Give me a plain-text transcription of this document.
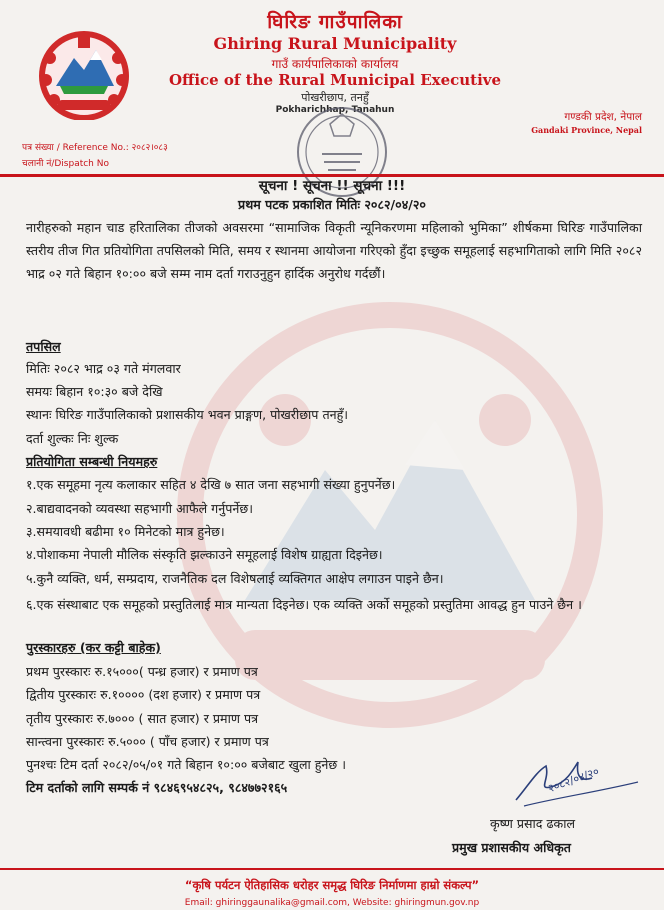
घिरिङ गाउँपालिका
Ghiring Rural Municipality
गाउँ कार्यपालिकाको कार्यालय
Office of the Rural Municipal Executive
पोखरीछाप, तनहुँ
Pokharichhap, Tanahun
गण्डकी प्रदेश, नेपाल
Gandaki Province, Nepal
पत्र संख्या / Reference No.: २०८२।०८३
चलानी नं/Dispatch No
सूचना ! सूचना !! सूचना !!!
प्रथम पटक प्रकाशित मितिः २०८२/०४/२०
नारीहरुको महान चाड हरितालिका तीजको अवसरमा “सामाजिक विकृती न्यूनिकरणमा महिलाको भुमिका” शीर्षकमा घिरिङ गाउँपालिका स्तरीय तीज गित प्रतियोगिता तपसिलको मिति, समय र स्थानमा आयोजना गरिएको हुँदा इच्छुक समूहलाई सहभागिताको लागि मिति २०८२ भाद्र ०२ गते बिहान १०:०० बजे सम्म नाम दर्ता गराउनुहुन हार्दिक अनुरोध गर्दछौं।
तपसिल
मितिः २०८२ भाद्र ०३ गते मंगलवार
समयः बिहान १०:३० बजे देखि
स्थानः घिरिङ गाउँपालिकाको प्रशासकीय भवन प्राङ्गण, पोखरीछाप तनहुँ।
दर्ता शुल्कः निः शुल्क
प्रतियोगिता सम्बन्धी नियमहरु
१.एक समूहमा नृत्य कलाकार सहित ४ देखि ७ सात जना सहभागी संख्या हुनुपर्नेछ।
२.बाद्यवादनको व्यवस्था सहभागी आफैले गर्नुपर्नेछ।
३.समयावधी बढीमा १० मिनेटको मात्र हुनेछ।
४.पोशाकमा नेपाली मौलिक संस्कृति झल्काउने समूहलाई विशेष ग्राह्यता दिइनेछ।
५.कुनै व्यक्ति, धर्म, सम्प्रदाय, राजनैतिक दल विशेषलाई व्यक्तिगत आक्षेप लगाउन पाइने छैन।
६.एक संस्थाबाट एक समूहको प्रस्तुतिलाई मात्र मान्यता दिइनेछ। एक व्यक्ति अर्को समूहको प्रस्तुतिमा आवद्ध हुन पाउने छैन ।
पुरस्कारहरु (कर कट्टी बाहेक)
प्रथम पुरस्कारः रु.१५०००( पन्ध्र हजार) र प्रमाण पत्र
द्वितीय पुरस्कारः रु.१०००० (दश हजार) र प्रमाण पत्र
तृतीय पुरस्कारः रु.७००० ( सात हजार) र प्रमाण पत्र
सान्त्वना पुरस्कारः रु.५००० ( पाँच हजार) र प्रमाण पत्र
पुनश्चः टिम दर्ता २०८२/०५/०१ गते बिहान १०:०० बजेबाट खुला हुनेछ ।
टिम दर्ताको लागि सम्पर्क नं ९८४६९५४८२५, ९८४७७२१६५	२०८२/०४/२०
कृष्ण प्रसाद ढकाल
प्रमुख प्रशासकीय अधिकृत
“कृषि पर्यटन ऐतिहासिक धरोहर समृद्ध घिरिङ निर्माणमा हाम्रो संकल्प”
Email: ghiringgaunalika@gmail.com, Website: ghiringmun.gov.np
